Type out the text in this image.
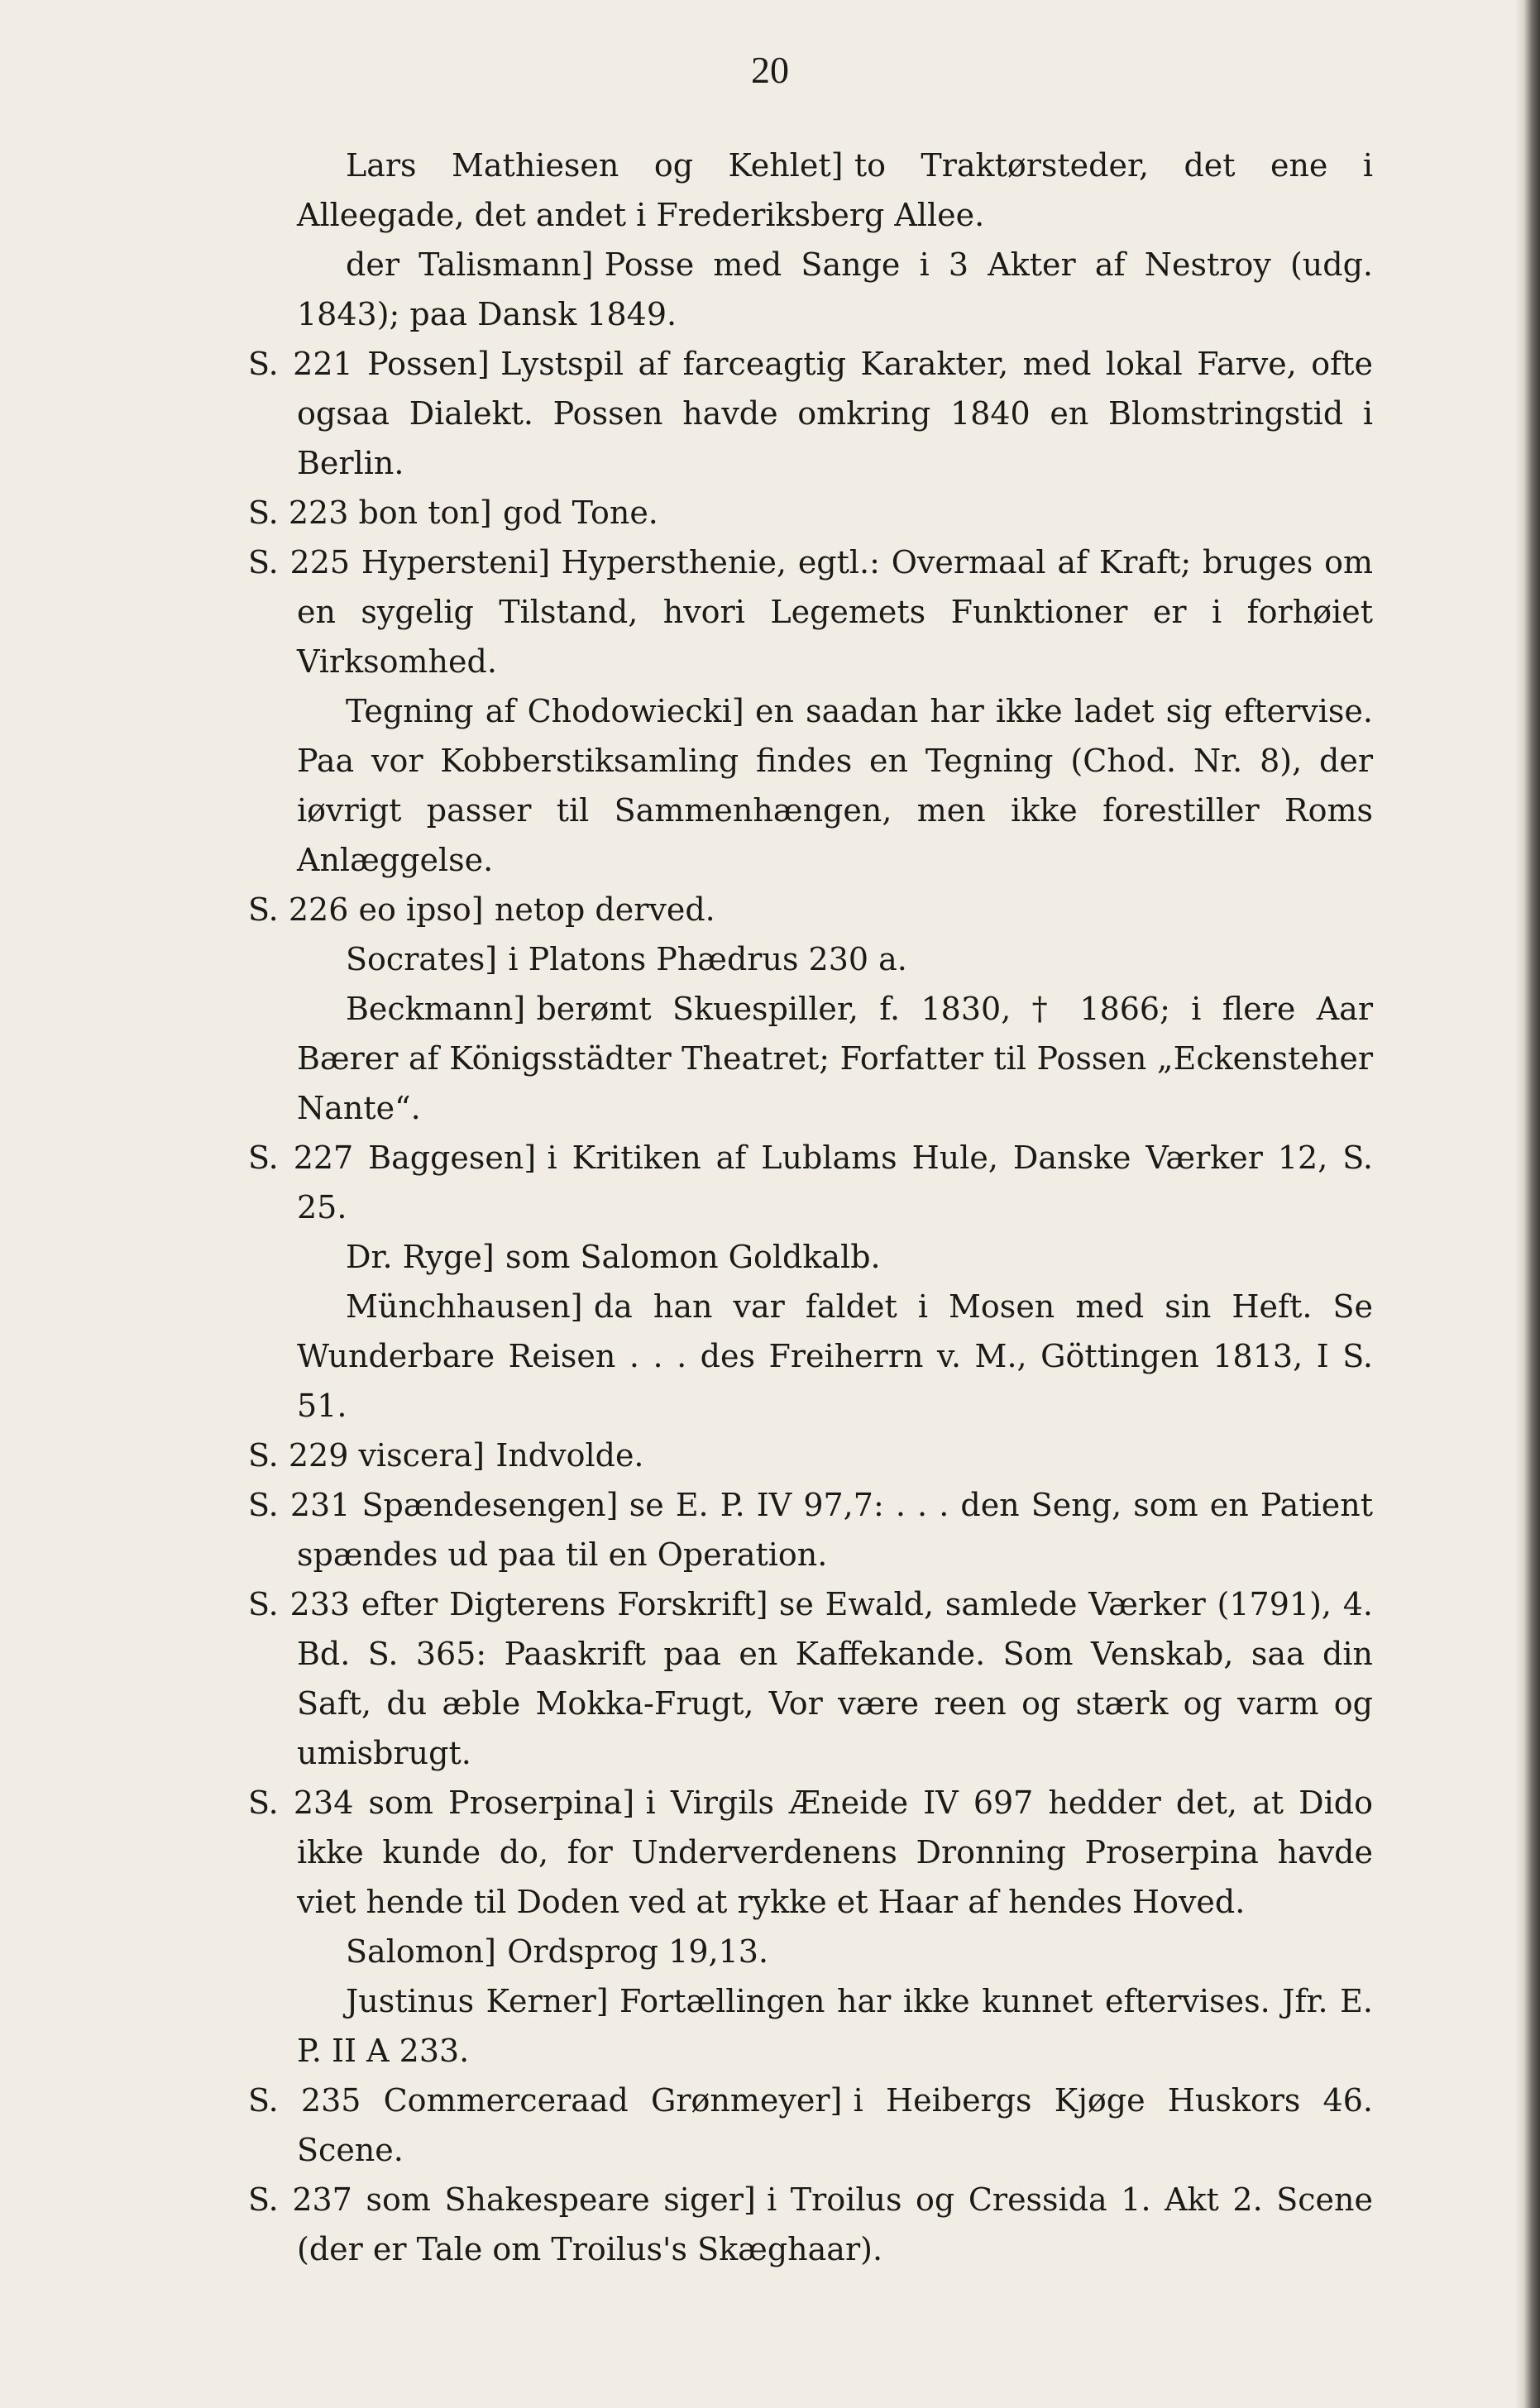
20

Lars Mathiesen og Kehlet] to Traktørsteder, det ene i Alleegade, det andet i Frederiksberg Allee.

der Talismann] Posse med Sange i 3 Akter af Nestroy (udg. 1843); paa Dansk 1849.

S. 221 Possen] Lystspil af farceagtig Karakter, med lokal Farve, ofte ogsaa Dialekt. Possen havde omkring 1840 en Blomstringstid i Berlin.

S. 223 bon ton] god Tone.

S. 225 Hypersteni] Hypersthenie, egtl.: Overmaal af Kraft; bruges om en sygelig Tilstand, hvori Legemets Funktioner er i forhøiet Virksomhed.

Tegning af Chodowiecki] en saadan har ikke ladet sig eftervise. Paa vor Kobberstiksamling findes en Tegning (Chod. Nr. 8), der iøvrigt passer til Sammenhængen, men ikke forestiller Roms Anlæggelse.

S. 226 eo ipso] netop derved.

Socrates] i Platons Phædrus 230 a.

Beckmann] berømt Skuespiller, f. 1830, † 1866; i flere Aar Bærer af Königsstädter Theatret; Forfatter til Possen „Eckensteher Nante“.

S. 227 Baggesen] i Kritiken af Lublams Hule, Danske Værker 12, S. 25.

Dr. Ryge] som Salomon Goldkalb.

Münchhausen] da han var faldet i Mosen med sin Heft. Se Wunderbare Reisen . . . des Freiherrn v. M., Göttingen 1813, I S. 51.

S. 229 viscera] Indvolde.

S. 231 Spændesengen] se E. P. IV 97,7: . . . den Seng, som en Patient spændes ud paa til en Operation.

S. 233 efter Digterens Forskrift] se Ewald, samlede Værker (1791), 4. Bd. S. 365: Paaskrift paa en Kaffekande. Som Venskab, saa din Saft, du æble Mokka-Frugt, Vor være reen og stærk og varm og umisbrugt.

S. 234 som Proserpina] i Virgils Æneide IV 697 hedder det, at Dido ikke kunde do, for Underverdenens Dronning Proserpina havde viet hende til Doden ved at rykke et Haar af hendes Hoved.

Salomon] Ordsprog 19,13.

Justinus Kerner] Fortællingen har ikke kunnet eftervises. Jfr. E. P. II A 233.

S. 235 Commerceraad Grønmeyer] i Heibergs Kjøge Huskors 46. Scene.

S. 237 som Shakespeare siger] i Troilus og Cressida 1. Akt 2. Scene (der er Tale om Troilus's Skæghaar).
